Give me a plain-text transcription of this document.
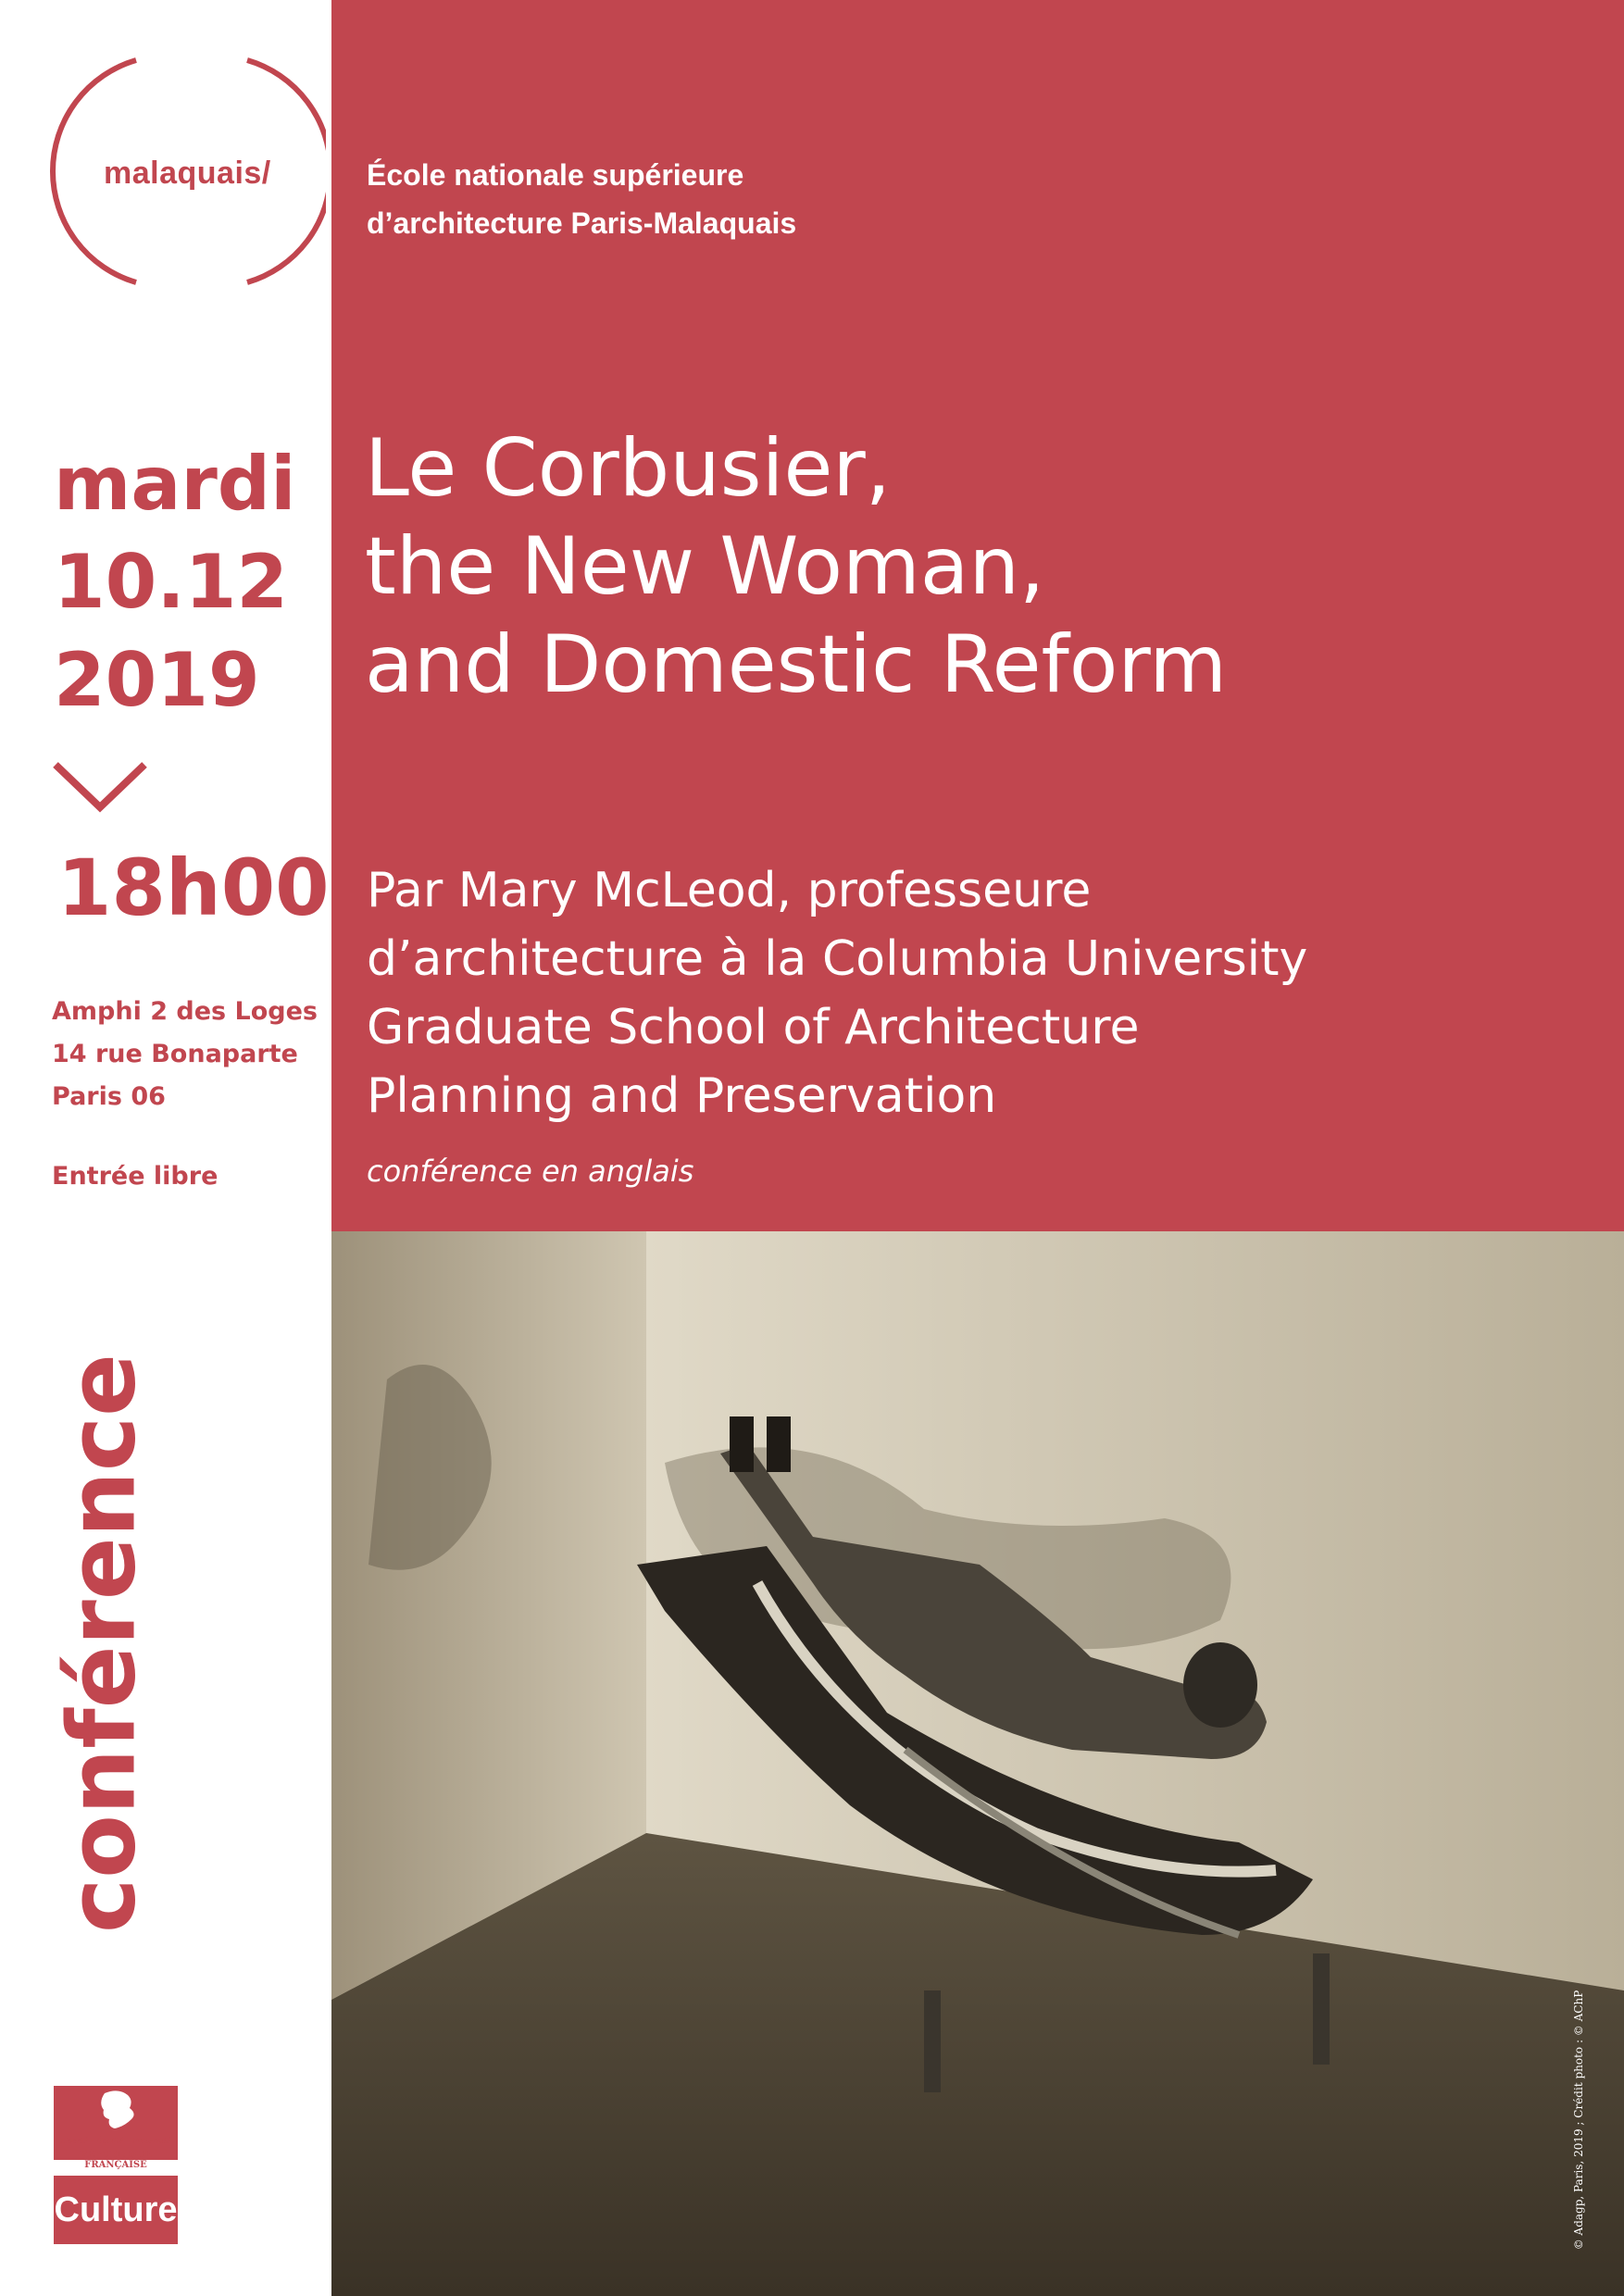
malaquais/
mardi
10.12
2019
18h00
Amphi 2 des Loges
14 rue Bonaparte
Paris 06
Entrée libre
conférence
Liberté • Égalité • Fraternité
RÉPUBLIQUE FRANÇAISE
Culture
École nationale supérieure
d’architecture Paris-Malaquais
Le Corbusier,
the New Woman,
and Domestic Reform
Par Mary McLeod, professeure
d’architecture à la Columbia University
Graduate School of Architecture
Planning and Preservation
conférence en anglais
© Adagp, Paris, 2019 ; Crédit photo : © AChP
